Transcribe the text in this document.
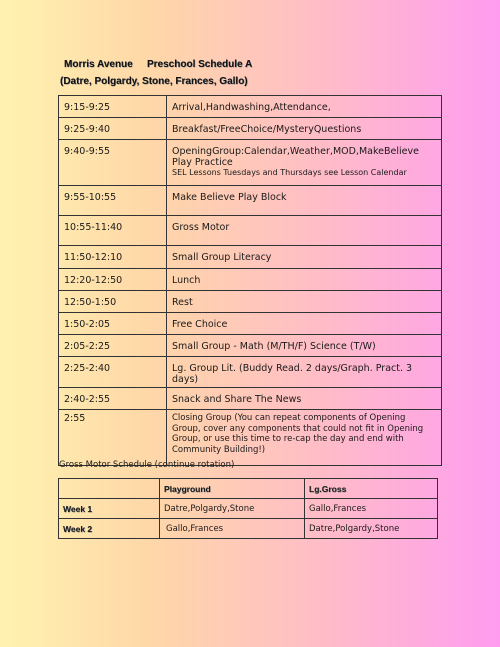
Morris Avenue Preschool Schedule A
(Datre, Polgardy, Stone, Frances, Gallo)
9:15-9:25	Arrival,Handwashing,Attendance,
9:25-9:40	Breakfast/FreeChoice/MysteryQuestions
9:40-9:55	OpeningGroup:Calendar,Weather,MOD,MakeBelieve Play Practice
SEL Lessons Tuesdays and Thursdays see Lesson Calendar

9:55-10:55	Make Believe Play Block
10:55-11:40	Gross Motor
11:50-12:10	Small Group Literacy
12:20-12:50	Lunch
12:50-1:50	Rest
1:50-2:05	Free Choice
2:05-2:25	Small Group - Math (M/TH/F) Science (T/W)
2:25-2:40	Lg. Group Lit. (Buddy Read. 2 days/Graph. Pract. 3 days)
2:40-2:55	Snack and Share The News
2:55	Closing Group (You can repeat components of Opening Group, cover any components that could not fit in Opening Group, or use this time to re-cap the day and end with Community Building!)
Gross Motor Schedule (continue rotation)
	Playground	Lg.Gross
Week 1	Datre,Polgardy,Stone	Gallo,Frances
Week 2	Gallo,Frances	Datre,Polgardy,Stone
